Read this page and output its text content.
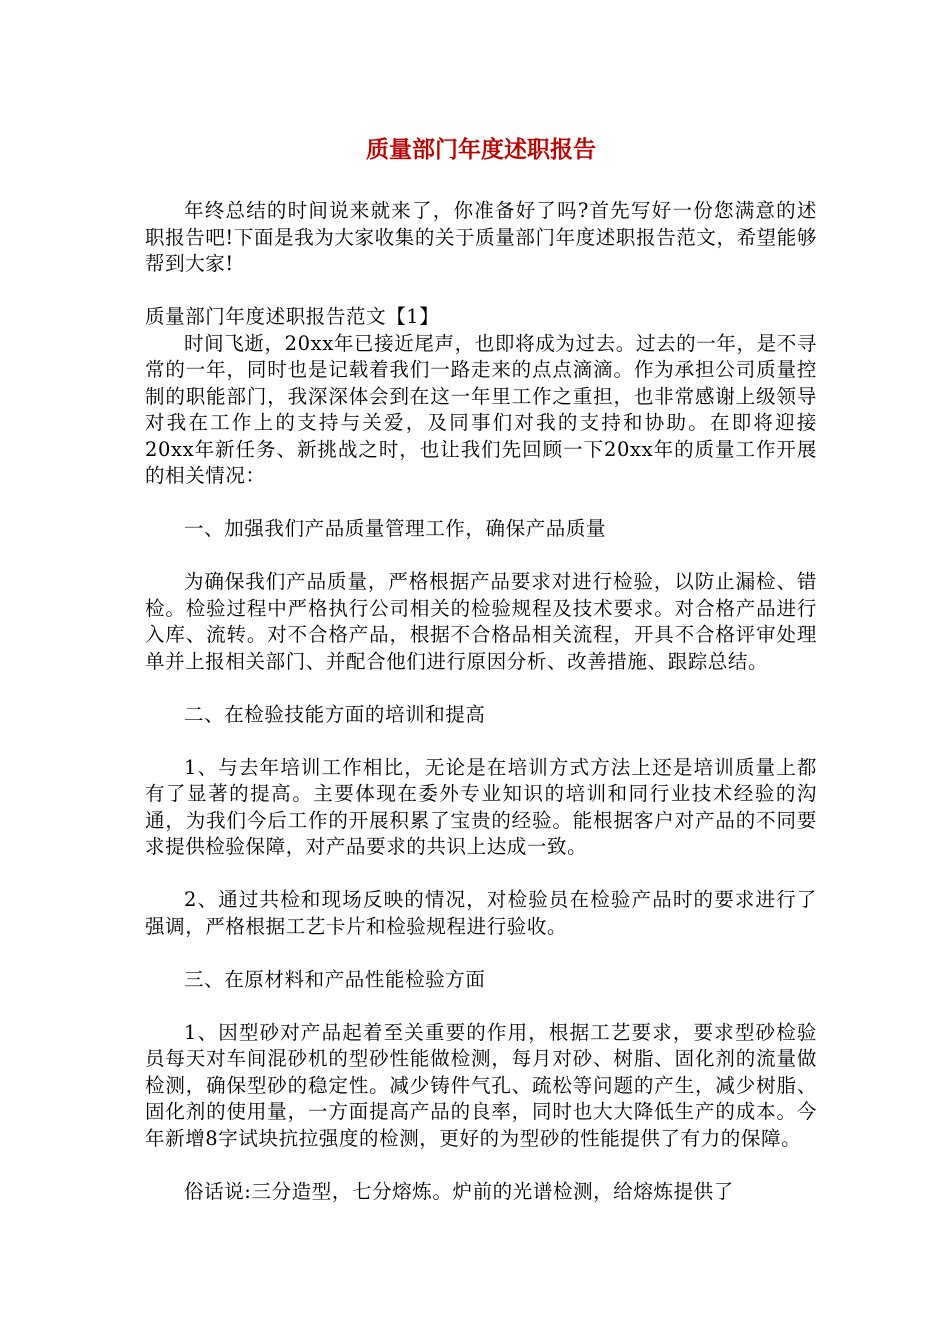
质量部门年度述职报告

年终总结的时间说来就来了，你准备好了吗?首先写好一份您满意的述职报告吧!下面是我为大家收集的关于质量部门年度述职报告范文，希望能够帮到大家!

质量部门年度述职报告范文【1】

时间飞逝，20xx年已接近尾声，也即将成为过去。过去的一年，是不寻常的一年，同时也是记载着我们一路走来的点点滴滴。作为承担公司质量控制的职能部门，我深深体会到在这一年里工作之重担，也非常感谢上级领导对我在工作上的支持与关爱，及同事们对我的支持和协助。在即将迎接20xx年新任务、新挑战之时，也让我们先回顾一下20xx年的质量工作开展的相关情况：

一、加强我们产品质量管理工作，确保产品质量

为确保我们产品质量，严格根据产品要求对进行检验，以防止漏检、错检。检验过程中严格执行公司相关的检验规程及技术要求。对合格产品进行入库、流转。对不合格产品，根据不合格品相关流程，开具不合格评审处理单并上报相关部门、并配合他们进行原因分析、改善措施、跟踪总结。

二、在检验技能方面的培训和提高

1、与去年培训工作相比，无论是在培训方式方法上还是培训质量上都有了显著的提高。主要体现在委外专业知识的培训和同行业技术经验的沟通，为我们今后工作的开展积累了宝贵的经验。能根据客户对产品的不同要求提供检验保障，对产品要求的共识上达成一致。

2、通过共检和现场反映的情况，对检验员在检验产品时的要求进行了强调，严格根据工艺卡片和检验规程进行验收。

三、在原材料和产品性能检验方面

1、因型砂对产品起着至关重要的作用，根据工艺要求，要求型砂检验员每天对车间混砂机的型砂性能做检测，每月对砂、树脂、固化剂的流量做检测，确保型砂的稳定性。减少铸件气孔、疏松等问题的产生，减少树脂、固化剂的使用量，一方面提高产品的良率，同时也大大降低生产的成本。今年新增8字试块抗拉强度的检测，更好的为型砂的性能提供了有力的保障。

俗话说:三分造型，七分熔炼。炉前的光谱检测，给熔炼提供了
